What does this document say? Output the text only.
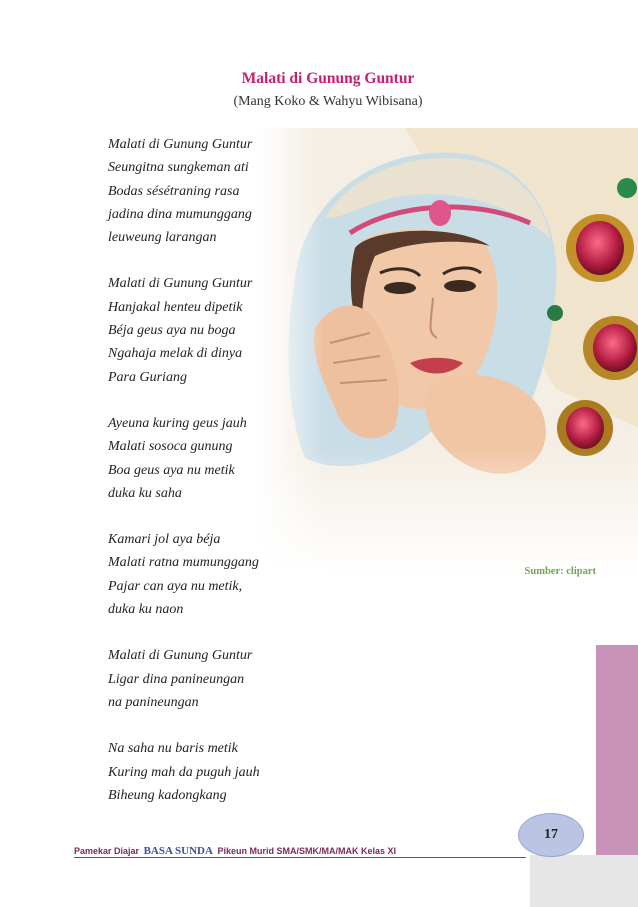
Malati di Gunung Guntur
(Mang Koko & Wahyu Wibisana)
Malati di Gunung Guntur
Seungitna sungkeman ati
Bodas sésétraning rasa
jadina dina mumunggang
leuweung larangan
Malati di Gunung Guntur
Hanjakal henteu dipetik
Béja geus aya nu boga
Ngahaja melak di dinya
Para Guriang
Ayeuna kuring geus jauh
Malati sosoca gunung
Boa geus aya nu metik
duka ku saha
Kamari jol aya béja
Malati ratna mumunggang
Pajar can aya nu metik,
duka ku naon
Malati di Gunung Guntur
Ligar dina panineungan
na panineungan
Na saha nu baris metik
Kuring mah da puguh jauh
Biheung kadongkang
Sumber: clipart
17
Pamekar Diajar BASA SUNDA Pikeun Murid SMA/SMK/MA/MAK Kelas XI
